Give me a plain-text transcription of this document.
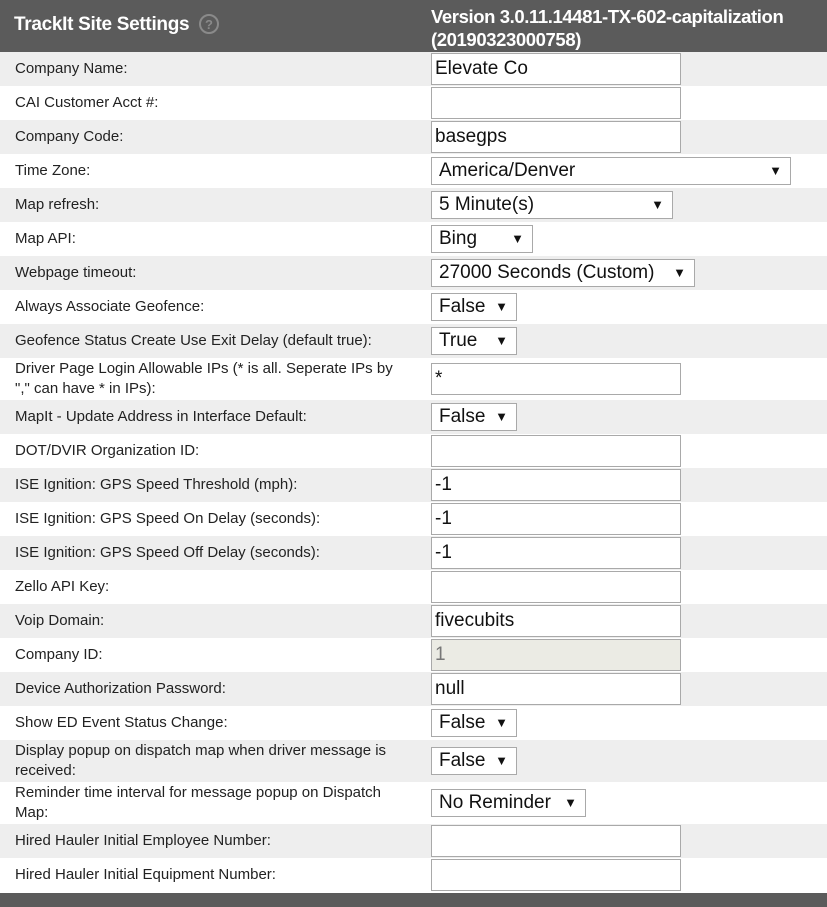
TrackIt Site Settings	?	Version 3.0.11.14481-TX-602-capitalization
(20190323000758)
Company Name:	Elevate Co
CAI Customer Acct #:
Company Code:	basegps
Time Zone:	America/Denver	▼
Map refresh:	5 Minute(s)	▼
Map API:	Bing	▼
Webpage timeout:	27000 Seconds (Custom) ▼
Always Associate Geofence:	False ▼
Geofence Status Create Use Exit Delay (default true):	True ▼
Driver Page Login Allowable IPs (* is all. Seperate IPs by "," can have * in IPs):	*
MapIt - Update Address in Interface Default:	False ▼
DOT/DVIR Organization ID:
ISE Ignition: GPS Speed Threshold (mph):	-1
ISE Ignition: GPS Speed On Delay (seconds):	-1
ISE Ignition: GPS Speed Off Delay (seconds):	-1
Zello API Key:
Voip Domain:	fivecubits
Company ID:	1
Device Authorization Password:	null
Show ED Event Status Change:	False ▼
Display popup on dispatch map when driver message is received:	False ▼
Reminder time interval for message popup on Dispatch Map:	No Reminder ▼
Hired Hauler Initial Employee Number:
Hired Hauler Initial Equipment Number:
